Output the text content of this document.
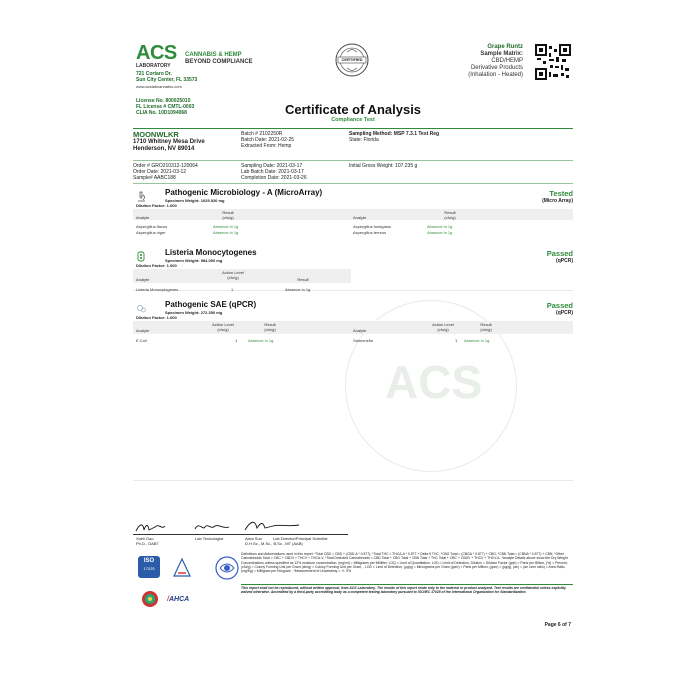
ACS
ACS
LABORATORY
CANNABIS & HEMP
BEYOND COMPLIANCE
721 Cortaro Dr.
Sun City Center, FL 33573
www.acslabcannabis.com
License No. 800025015
FL License # CMTL-0003
CLIA No. 10D1094068
CERTIFIED
Grape Runtz
Sample Matrix:
CBD/HEMP
Derivative Products
(Inhalation - Heated)
Certificate of Analysis
Compliance Test
MOONWLKR
1710 Whitney Mesa Drive
Henderson, NV 89014
Batch # 2102250R
Batch Date: 2021-02-25
Extracted From: Hemp
Sampling Method: MSP 7.3.1 Test Reg
State: Florida
Order # GRO210312-120064
Order Date: 2021-03-12
Sample# AABC188
Sampling Date: 2021-03-17
Lab Batch Date: 2021-03-17
Completion Date: 2021-03-26
Initial Gross Weight: 107.235 g
Pathogenic Microbiology - A (MicroArray)
Specimen Weight: 1025.520 mg
Dilution Factor: 1.000
Tested
(Micro Array)
Analyte
Result
(cfu/g)	Analyte
Result
(cfu/g)
Aspergillus flavus	Absence in 1g
Aspergillus niger	Absence in 1g
Aspergillus fumigatus	Absence in 1g
Aspergillus terreus	Absence in 1g
Listeria Monocytogenes
Specimen Weight: 984.000 mg
Dilution Factor: 1.000
Passed
(qPCR)
Analyte
Action Level
(cfu/g)	Result
Listeria Monocytogenes	1	Absence in 1g
Pathogenic SAE (qPCR)
Specimen Weight: 272.350 mg
Dilution Factor: 1.000
Passed
(qPCR)
Analyte
Action Level
(cfu/g)
Result
(cfu/g)	Analyte
Action Level
(cfu/g)
Result
(cfu/g)
E.Coli	1	Absence in 1g	Salmonella	1 Absence in 1g
Xueli Gao
Ph.D., DABT
Lab Toxicologist	Aixia Sun
D.H.Sc., M.Sc., B.Sc., MT (AAB)
Lab Director/Principal Scientist
ISO
17025
/AHCA
Definitions and Abbreviations used in this report: *Total CBD = CBD + (CBD-A * 0.877), *Total THC = THCA-A * 0.877 + Delta 9 THC, *CBG Total = (CBGA * 0.877) + CBG, *CBN Total = (CBNA * 0.877) + CBN, *Other Cannabinoids Total = CBC + CBDV + THCV + THCA-V, *Total Detected Cannabinoids = CBD Total + CBG Total + CBN Total + THC Total + CBC + CBDV + THCV + THCV-A. *Analyte Details above show the Dry Weight Concentrations unless specified as 12% moisture concentration. (mg/ml) = Milligrams per Milliliter, LOQ = Limit of Quantitation, LOD = Limit of Detection, Dilution = Dilution Factor (ppb) = Parts per Billion, (%) = Percent, (cfu/g) = Colony Forming Unit per Gram (cfu/g) = Colony Forming Unit per Gram, , LOD = Limit of Detection, (µg/g) = Micrograms per Gram (ppm) = Parts per Million, (ppm) = (µg/g), (ae) = (ae Lime ratio) = Area Ratio, (mg/Kg) = Milligram per Kilogram , *Measurement of Uncertainty = +/- 5%
This report shall not be reproduced, without written approval, from ACS Laboratory. The results of this report relate only to the material or product analyzed. Test results are confidential unless explicitly waived otherwise. Accredited by a third-party accrediting body as a competent testing laboratory pursuant to ISO/IEC 17025 of the International Organization for Standardization.
Page 6 of 7
